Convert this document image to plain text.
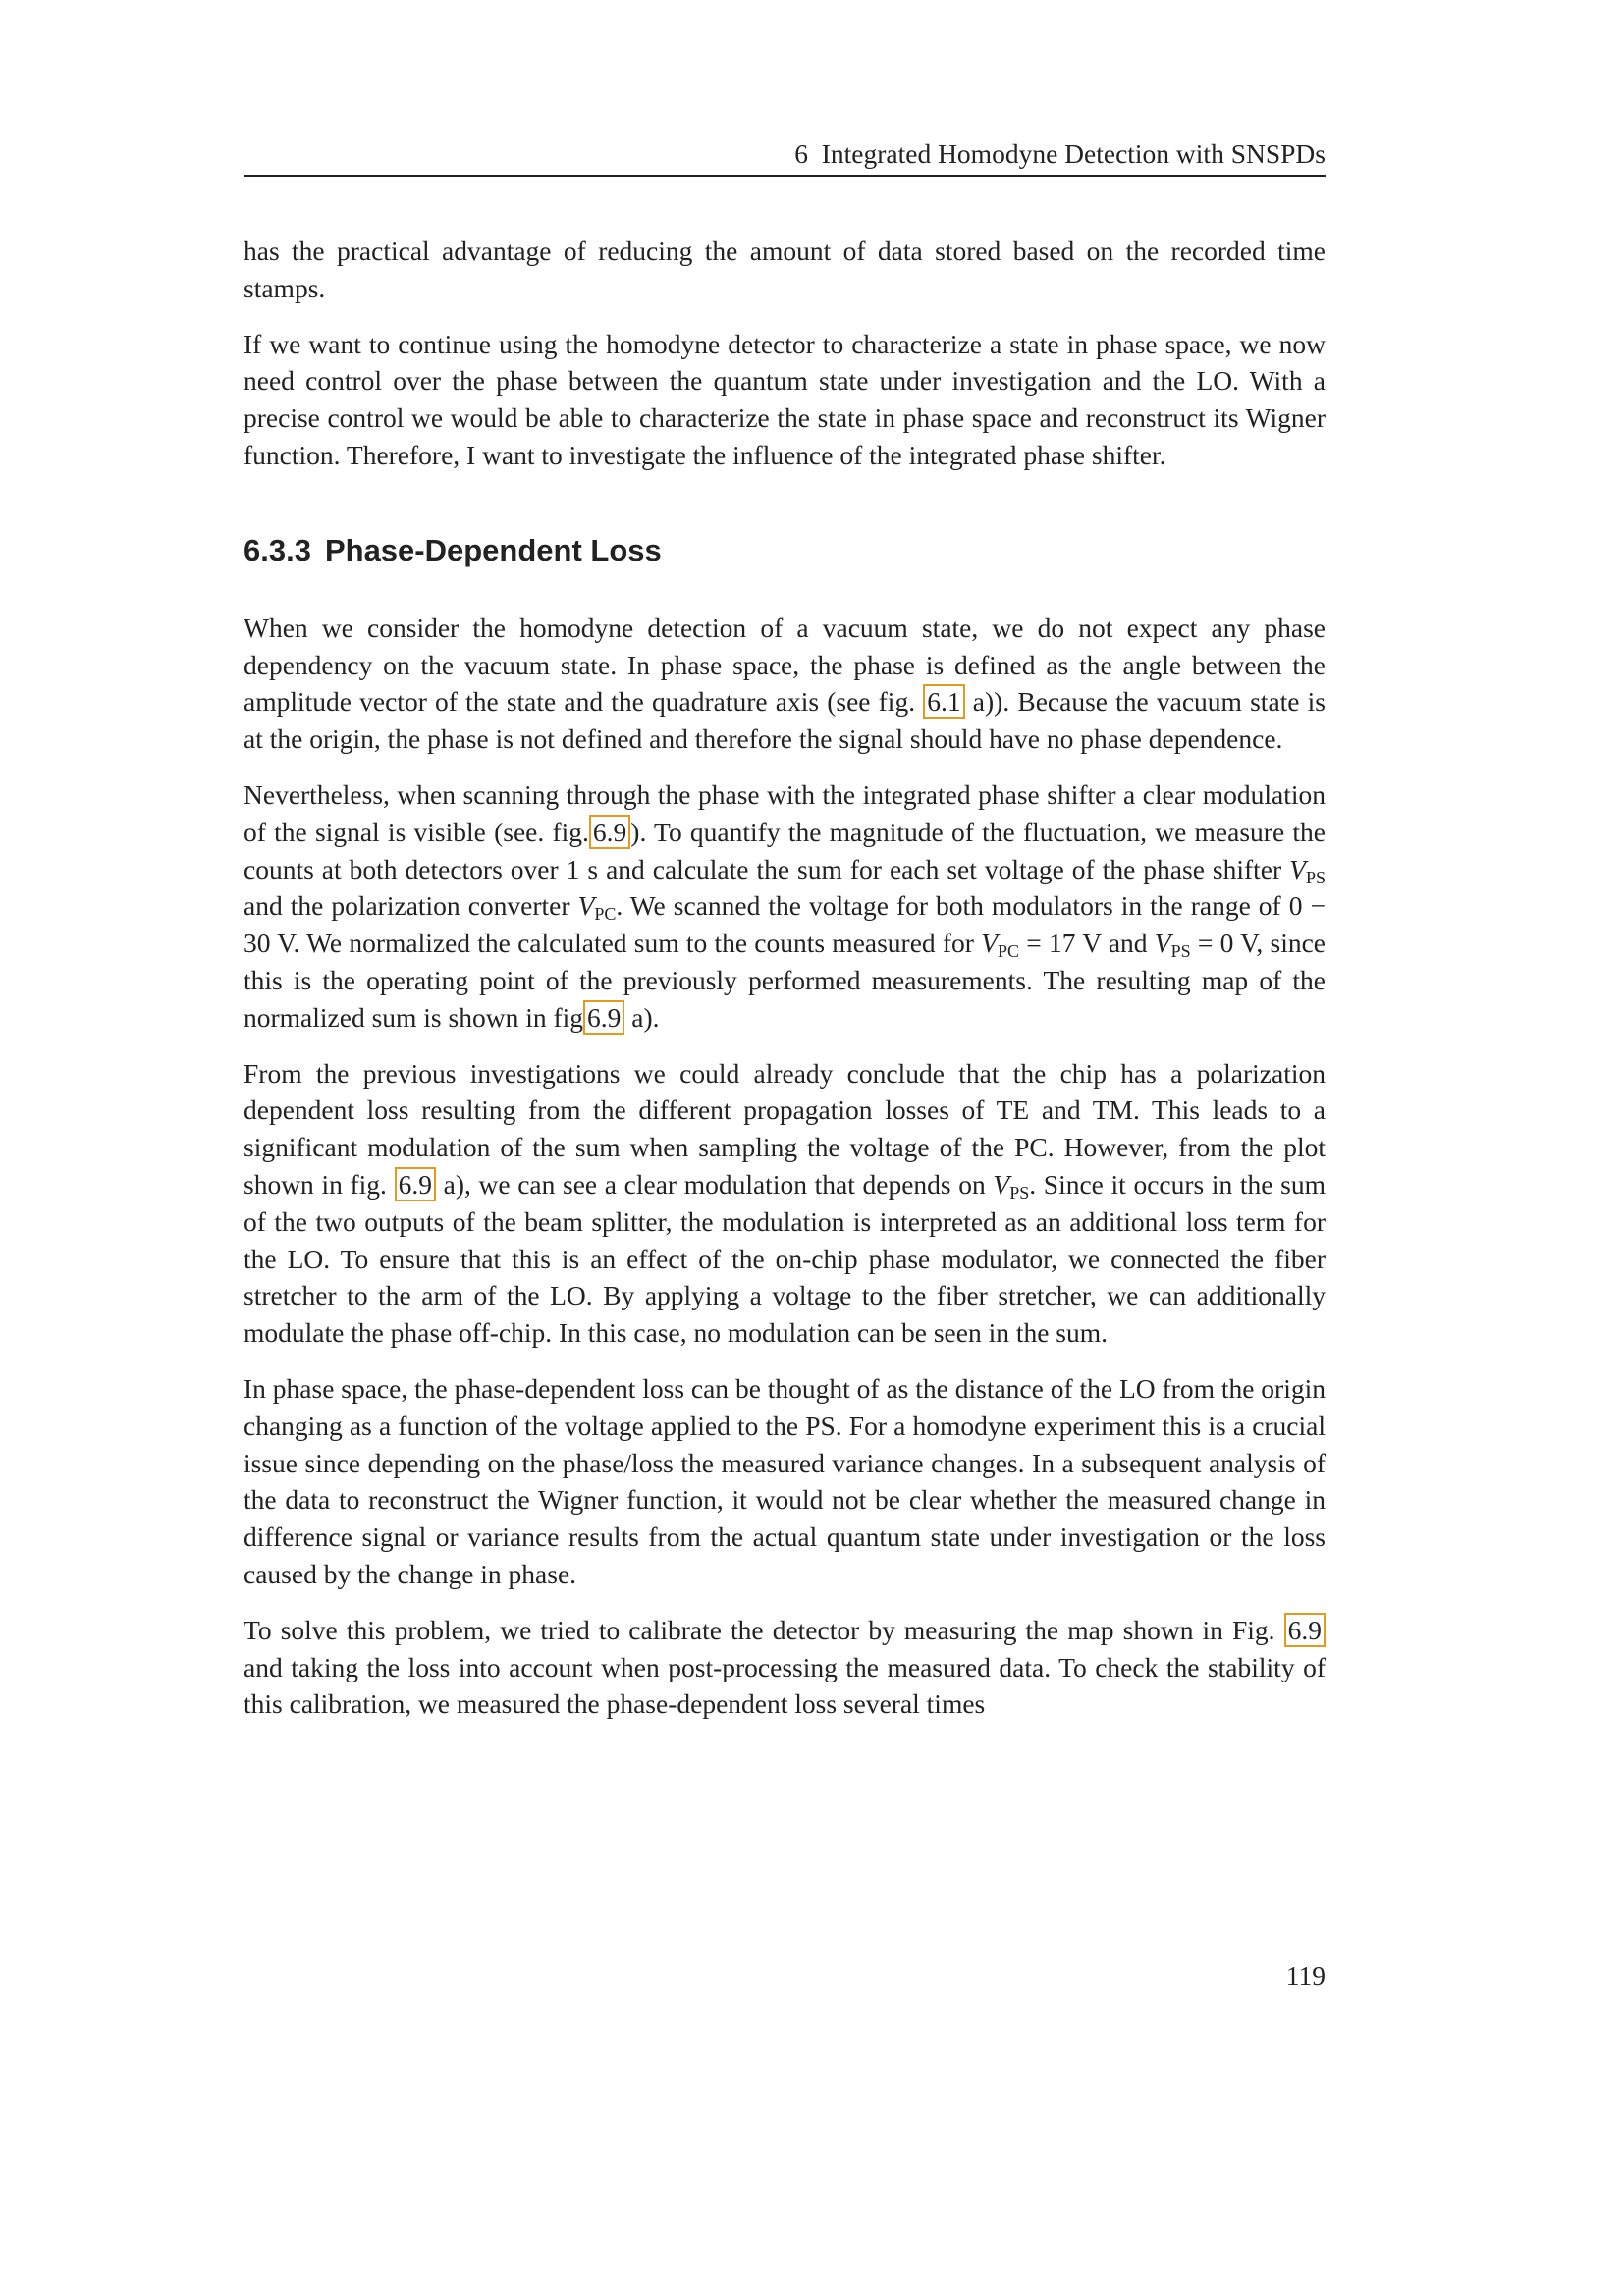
6 Integrated Homodyne Detection with SNSPDs

has the practical advantage of reducing the amount of data stored based on the recorded time stamps.

If we want to continue using the homodyne detector to characterize a state in phase space, we now need control over the phase between the quantum state under investigation and the LO. With a precise control we would be able to characterize the state in phase space and reconstruct its Wigner function. Therefore, I want to investigate the influence of the integrated phase shifter.

6.3.3 Phase-Dependent Loss

When we consider the homodyne detection of a vacuum state, we do not expect any phase dependency on the vacuum state. In phase space, the phase is defined as the angle between the amplitude vector of the state and the quadrature axis (see fig. 6.1 a)). Because the vacuum state is at the origin, the phase is not defined and therefore the signal should have no phase dependence.

Nevertheless, when scanning through the phase with the integrated phase shifter a clear modulation of the signal is visible (see. fig. 6.9 ). To quantify the magnitude of the fluctuation, we measure the counts at both detectors over 1 s and calculate the sum for each set voltage of the phase shifter $V_{PS}$ and the polarization converter $V_{PC}$. We scanned the voltage for both modulators in the range of 0 − 30 V. We normalized the calculated sum to the counts measured for $V_{PC} = 17$ V and $V_{PS} = 0$ V, since this is the operating point of the previously performed measurements. The resulting map of the normalized sum is shown in fig 6.9 a).

From the previous investigations we could already conclude that the chip has a polarization dependent loss resulting from the different propagation losses of TE and TM. This leads to a significant modulation of the sum when sampling the voltage of the PC. However, from the plot shown in fig. 6.9 a), we can see a clear modulation that depends on $V_{PS}$. Since it occurs in the sum of the two outputs of the beam splitter, the modulation is interpreted as an additional loss term for the LO. To ensure that this is an effect of the on-chip phase modulator, we connected the fiber stretcher to the arm of the LO. By applying a voltage to the fiber stretcher, we can additionally modulate the phase off-chip. In this case, no modulation can be seen in the sum.

In phase space, the phase-dependent loss can be thought of as the distance of the LO from the origin changing as a function of the voltage applied to the PS. For a homodyne experiment this is a crucial issue since depending on the phase/loss the measured variance changes. In a subsequent analysis of the data to reconstruct the Wigner function, it would not be clear whether the measured change in difference signal or variance results from the actual quantum state under investigation or the loss caused by the change in phase.

To solve this problem, we tried to calibrate the detector by measuring the map shown in Fig. 6.9 and taking the loss into account when post-processing the measured data. To check the stability of this calibration, we measured the phase-dependent loss several times

119
